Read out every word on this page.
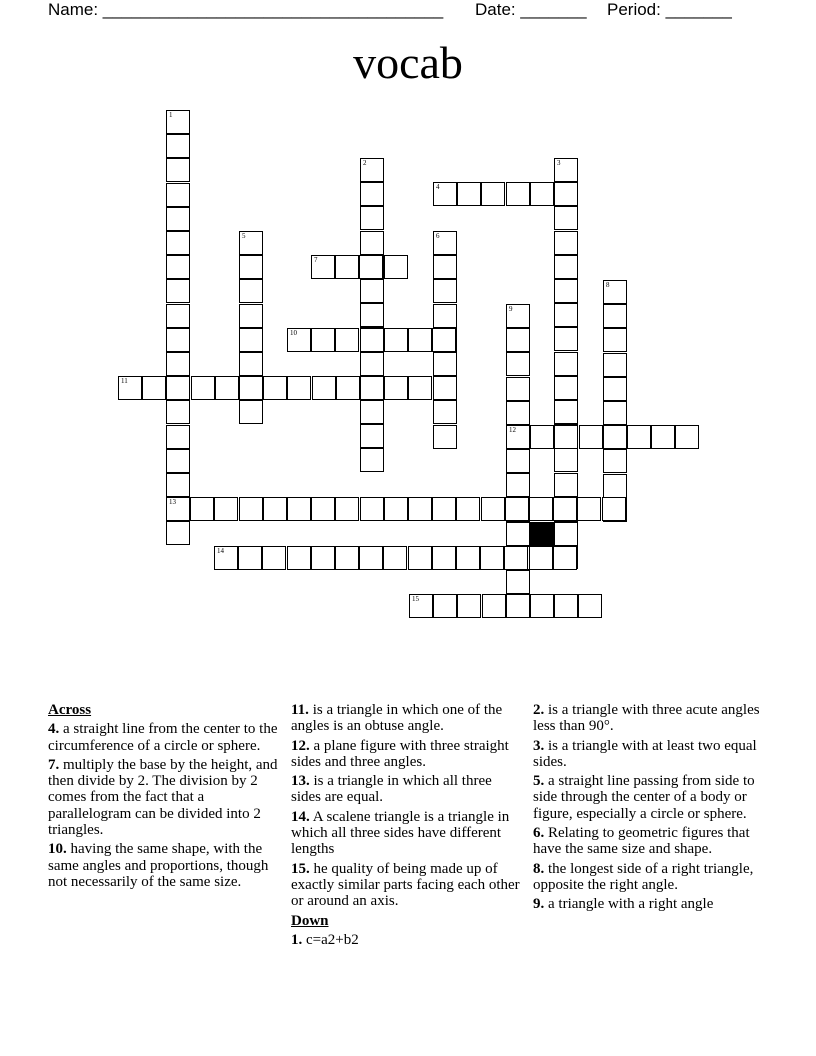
Name: ____________________________________ Date: _______ Period: _______
vocab
1
13
2	3
4
5	6
7
8
9
12
10
11
14
15
Across
4. a straight line from the center to the circumference of a circle or sphere.
7. multiply the base by the height, and then divide by 2. The division by 2 comes from the fact that a parallelogram can be divided into 2 triangles.
10. having the same shape, with the same angles and proportions, though not necessarily of the same size.
11. is a triangle in which one of the angles is an obtuse angle.
12. a plane figure with three straight sides and three angles.
13. is a triangle in which all three sides are equal.
14. A scalene triangle is a triangle in which all three sides have different lengths
15. he quality of being made up of exactly similar parts facing each other or around an axis.
Down
1. c=a2+b2
2. is a triangle with three acute angles less than 90°.
3. is a triangle with at least two equal sides.
5. a straight line passing from side to side through the center of a body or figure, especially a circle or sphere.
6. Relating to geometric figures that have the same size and shape.
8. the longest side of a right triangle, opposite the right angle.
9. a triangle with a right angle
